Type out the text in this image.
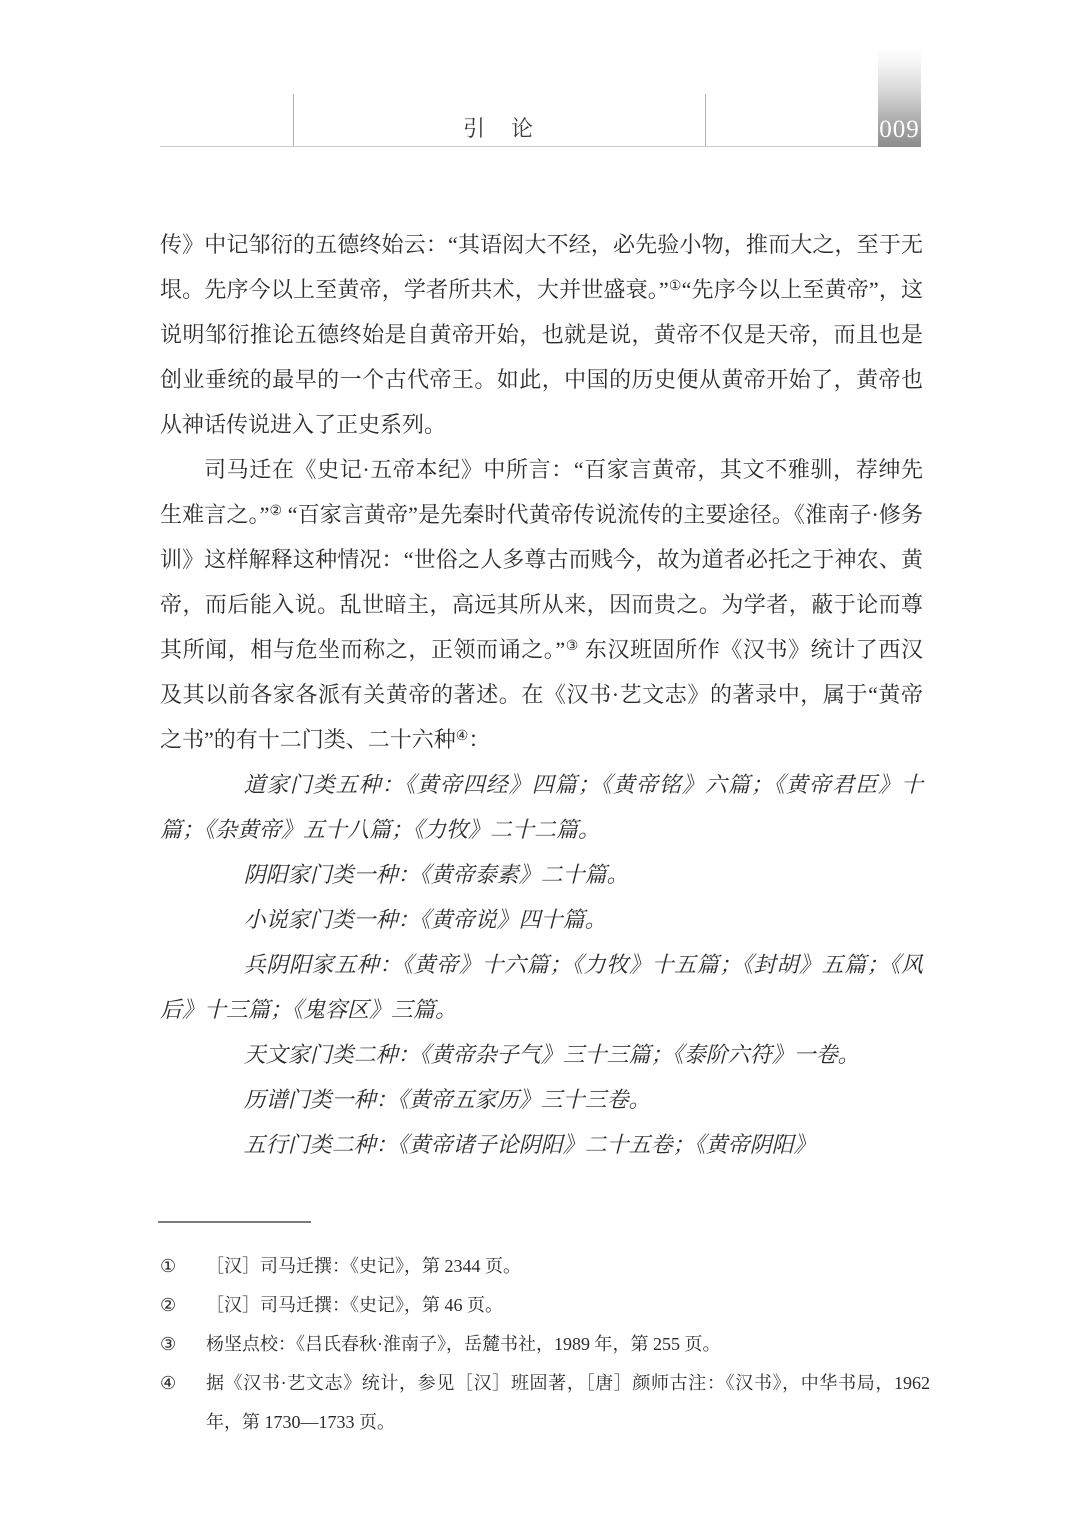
引　论	009

传》中记邹衍的五德终始云：“其语闳大不经，必先验小物，推而大之，至于无垠。先序今以上至黄帝，学者所共术，大并世盛衰。”①“先序今以上至黄帝”，这说明邹衍推论五德终始是自黄帝开始，也就是说，黄帝不仅是天帝，而且也是创业垂统的最早的一个古代帝王。如此，中国的历史便从黄帝开始了，黄帝也从神话传说进入了正史系列。

司马迁在《史记·五帝本纪》中所言：“百家言黄帝，其文不雅驯，荐绅先生难言之。”② “百家言黄帝”是先秦时代黄帝传说流传的主要途径。《淮南子·修务训》这样解释这种情况：“世俗之人多尊古而贱今，故为道者必托之于神农、黄帝，而后能入说。乱世暗主，高远其所从来，因而贵之。为学者，蔽于论而尊其所闻，相与危坐而称之，正领而诵之。”③ 东汉班固所作《汉书》统计了西汉及其以前各家各派有关黄帝的著述。在《汉书·艺文志》的著录中，属于“黄帝之书”的有十二门类、二十六种④：

道家门类五种：《黄帝四经》四篇；《黄帝铭》六篇；《黄帝君臣》十篇；《杂黄帝》五十八篇；《力牧》二十二篇。

阴阳家门类一种：《黄帝泰素》二十篇。

小说家门类一种：《黄帝说》四十篇。

兵阴阳家五种：《黄帝》十六篇；《力牧》十五篇；《封胡》五篇；《风后》十三篇；《鬼容区》三篇。

天文家门类二种：《黄帝杂子气》三十三篇；《泰阶六符》一卷。

历谱门类一种：《黄帝五家历》三十三卷。

五行门类二种：《黄帝诸子论阴阳》二十五卷；《黄帝阴阳》

①	［汉］司马迁撰：《史记》，第 2344 页。
②	［汉］司马迁撰：《史记》，第 46 页。
③	杨坚点校：《吕氏春秋·淮南子》，岳麓书社，1989 年，第 255 页。
④	据《汉书·艺文志》统计，参见［汉］班固著，［唐］颜师古注：《汉书》，中华书局，1962 年，第 1730—1733 页。
